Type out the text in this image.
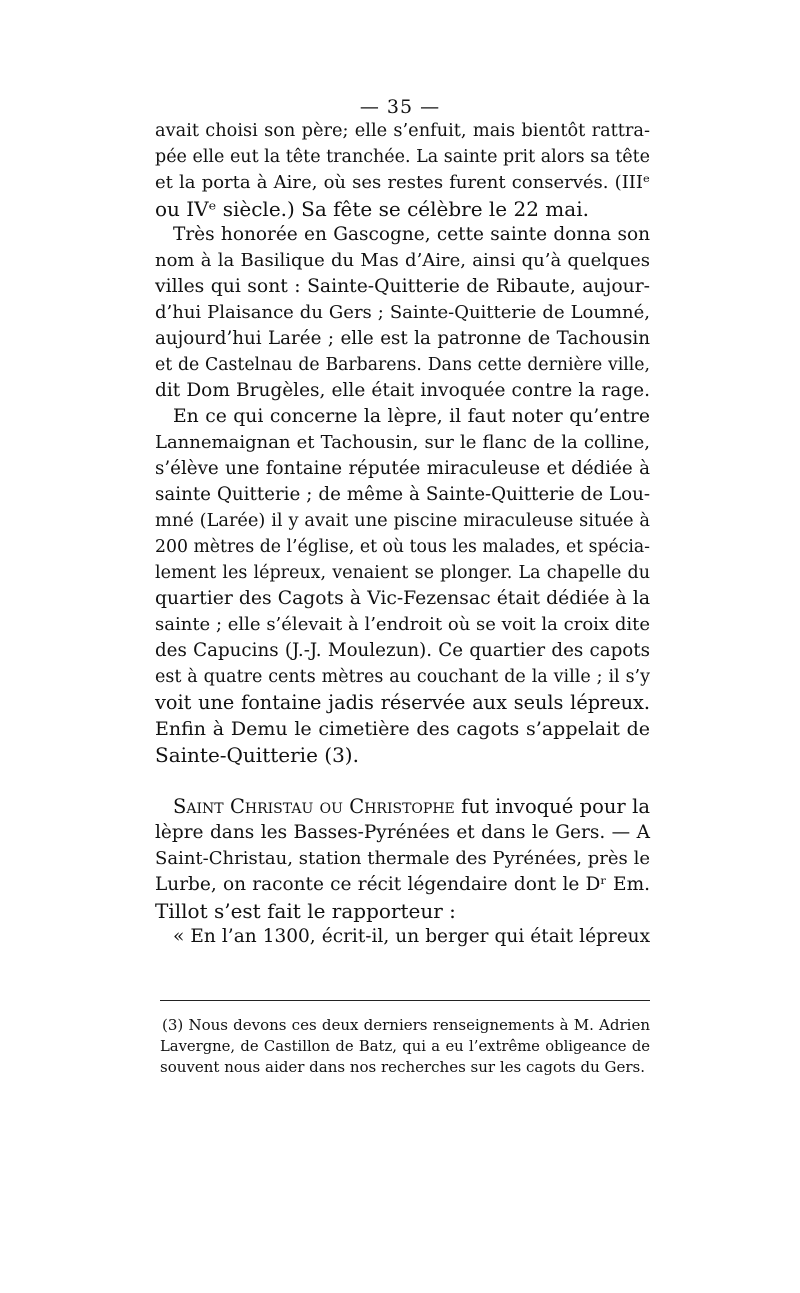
— 35 —
avait choisi son père; elle s’enfuit, mais bientôt rattra-
pée elle eut la tête tranchée. La sainte prit alors sa tête
et la porta à Aire, où ses restes furent conservés. (IIIᵉ
ou IVᵉ siècle.) Sa fête se célèbre le 22 mai.
Très honorée en Gascogne, cette sainte donna son
nom à la Basilique du Mas d’Aire, ainsi qu’à quelques
villes qui sont : Sainte-Quitterie de Ribaute, aujour-
d’hui Plaisance du Gers ; Sainte-Quitterie de Loumné,
aujourd’hui Larée ; elle est la patronne de Tachousin
et de Castelnau de Barbarens. Dans cette dernière ville,
dit Dom Brugèles, elle était invoquée contre la rage.
En ce qui concerne la lèpre, il faut noter qu’entre
Lannemaignan et Tachousin, sur le flanc de la colline,
s’élève une fontaine réputée miraculeuse et dédiée à
sainte Quitterie ; de même à Sainte-Quitterie de Lou-
mné (Larée) il y avait une piscine miraculeuse située à
200 mètres de l’église, et où tous les malades, et spécia-
lement les lépreux, venaient se plonger. La chapelle du
quartier des Cagots à Vic-Fezensac était dédiée à la
sainte ; elle s’élevait à l’endroit où se voit la croix dite
des Capucins (J.-J. Moulezun). Ce quartier des capots
est à quatre cents mètres au couchant de la ville ; il s’y
voit une fontaine jadis réservée aux seuls lépreux.
Enfin à Demu le cimetière des cagots s’appelait de
Sainte-Quitterie (3).
Saint Christau ou Christophe fut invoqué pour la
lèpre dans les Basses-Pyrénées et dans le Gers. — A
Saint-Christau, station thermale des Pyrénées, près le
Lurbe, on raconte ce récit légendaire dont le Dʳ Em.
Tillot s’est fait le rapporteur :
« En l’an 1300, écrit-il, un berger qui était lépreux
(3) Nous devons ces deux derniers renseignements à M. Adrien
Lavergne, de Castillon de Batz, qui a eu l’extrême obligeance de
souvent nous aider dans nos recherches sur les cagots du Gers.
